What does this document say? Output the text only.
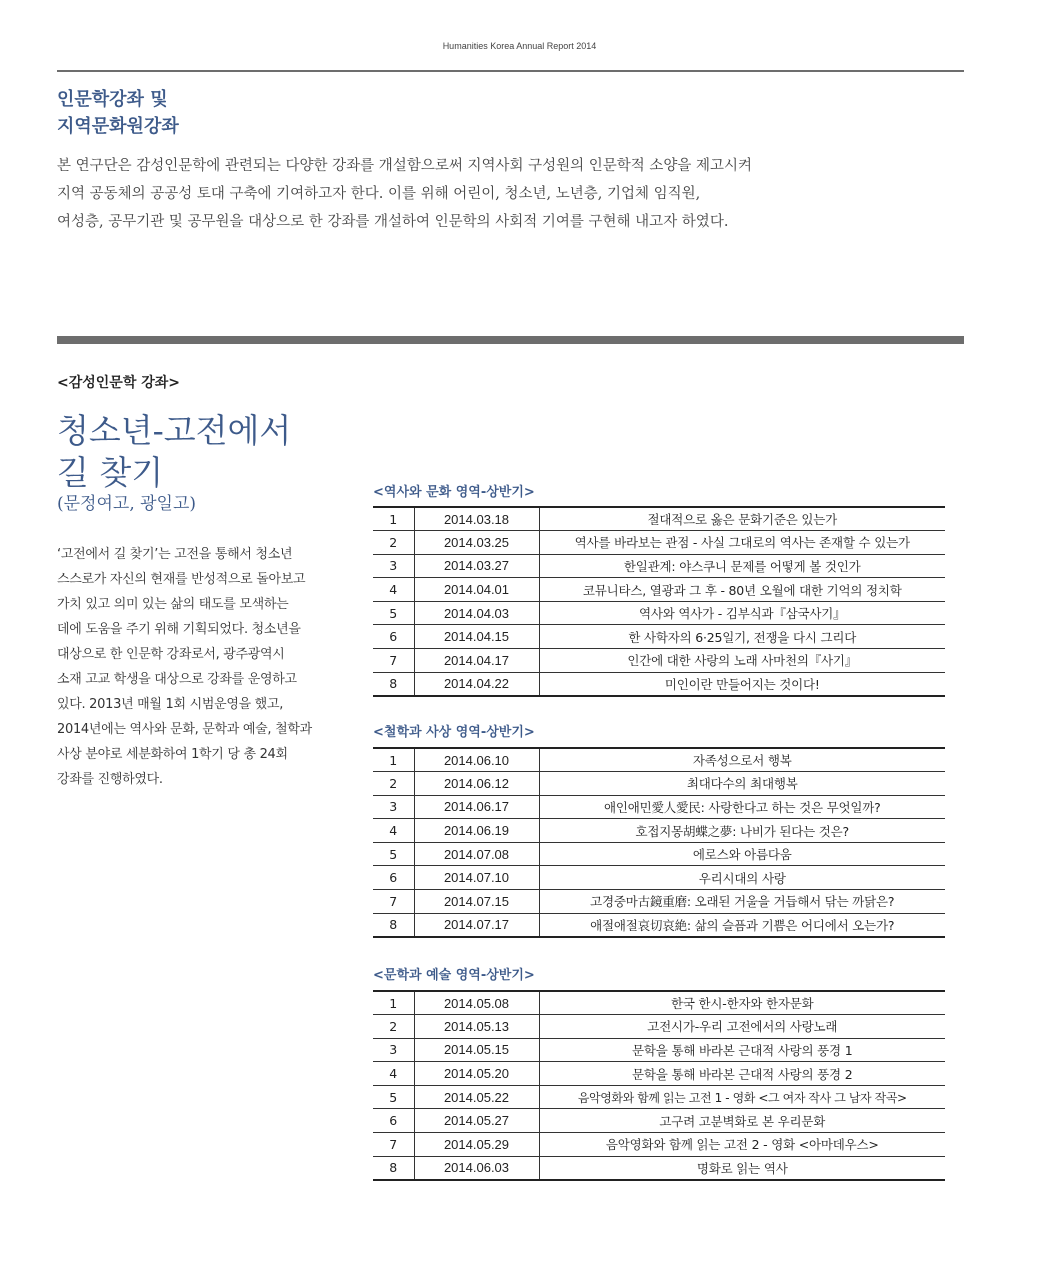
Humanities Korea Annual Report 2014
인문학강좌 및
지역문화원강좌
본 연구단은 감성인문학에 관련되는 다양한 강좌를 개설함으로써 지역사회 구성원의 인문학적 소양을 제고시켜
지역 공동체의 공공성 토대 구축에 기여하고자 한다. 이를 위해 어린이, 청소년, 노년층, 기업체 임직원,
여성층, 공무기관 및 공무원을 대상으로 한 강좌를 개설하여 인문학의 사회적 기여를 구현해 내고자 하였다.
<감성인문학 강좌>
청소년-고전에서
길 찾기
(문정여고, 광일고)
‘고전에서 길 찾기’는 고전을 통해서 청소년
스스로가 자신의 현재를 반성적으로 돌아보고
가치 있고 의미 있는 삶의 태도를 모색하는
데에 도움을 주기 위해 기획되었다. 청소년을
대상으로 한 인문학 강좌로서, 광주광역시
소재 고교 학생을 대상으로 강좌를 운영하고
있다. 2013년 매월 1회 시범운영을 했고,
2014년에는 역사와 문화, 문학과 예술, 철학과
사상 분야로 세분화하여 1학기 당 총 24회
강좌를 진행하였다.
<역사와 문화 영역-상반기>
1	2014.03.18	절대적으로 옳은 문화기준은 있는가
2	2014.03.25	역사를 바라보는 관점 - 사실 그대로의 역사는 존재할 수 있는가
3	2014.03.27	한일관계: 야스쿠니 문제를 어떻게 볼 것인가
4	2014.04.01	코뮤니타스, 열광과 그 후 - 80년 오월에 대한 기억의 정치학
5	2014.04.03	역사와 역사가 - 김부식과『삼국사기』
6	2014.04.15	한 사학자의 6·25일기, 전쟁을 다시 그리다
7	2014.04.17	인간에 대한 사랑의 노래 사마천의『사기』
8	2014.04.22	미인이란 만들어지는 것이다!
<철학과 사상 영역-상반기>
1	2014.06.10	자족성으로서 행복
2	2014.06.12	최대다수의 최대행복
3	2014.06.17	애인애민愛人愛民: 사랑한다고 하는 것은 무엇일까?
4	2014.06.19	호접지몽胡蝶之夢: 나비가 된다는 것은?
5	2014.07.08	에로스와 아름다움
6	2014.07.10	우리시대의 사랑
7	2014.07.15	고경중마古鏡重磨: 오래된 거울을 거듭해서 닦는 까닭은?
8	2014.07.17	애절애절哀切哀絶: 삶의 슬픔과 기쁨은 어디에서 오는가?
<문학과 예술 영역-상반기>
1	2014.05.08	한국 한시-한자와 한자문화
2	2014.05.13	고전시가-우리 고전에서의 사랑노래
3	2014.05.15	문학을 통해 바라본 근대적 사랑의 풍경 1
4	2014.05.20	문학을 통해 바라본 근대적 사랑의 풍경 2
5	2014.05.22	음악영화와 함께 읽는 고전 1 - 영화 <그 여자 작사 그 남자 작곡>
6	2014.05.27	고구려 고분벽화로 본 우리문화
7	2014.05.29	음악영화와 함께 읽는 고전 2 - 영화 <아마데우스>
8	2014.06.03	명화로 읽는 역사
